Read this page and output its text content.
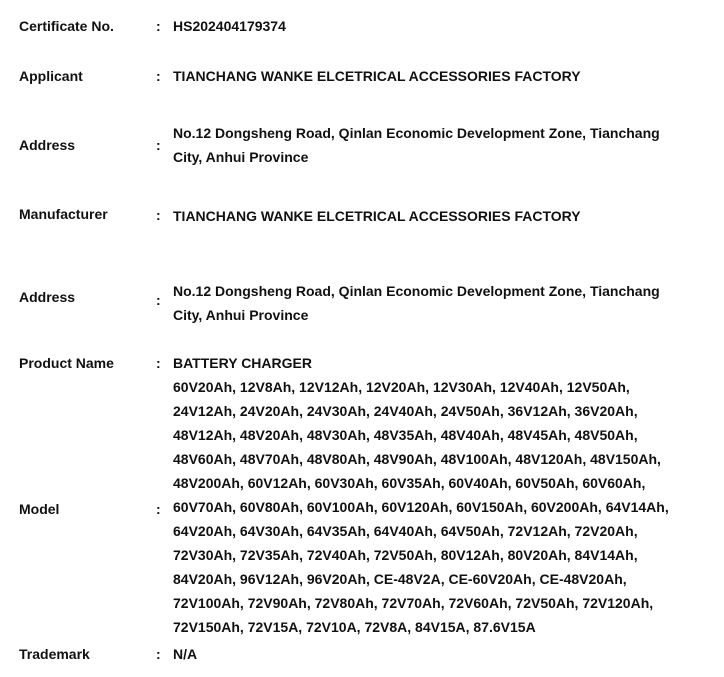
Certificate No.	: HS202404179374
Applicant	: TIANCHANG WANKE ELCETRICAL ACCESSORIES FACTORY
Address	:
No.12 Dongsheng Road, Qinlan Economic Development Zone, Tianchang
City, Anhui Province
Manufacturer	: TIANCHANG WANKE ELCETRICAL ACCESSORIES FACTORY
Address	:
No.12 Dongsheng Road, Qinlan Economic Development Zone, Tianchang
City, Anhui Province
Product Name	: BATTERY CHARGER
Model	:
60V20Ah, 12V8Ah, 12V12Ah, 12V20Ah, 12V30Ah, 12V40Ah, 12V50Ah,
24V12Ah, 24V20Ah, 24V30Ah, 24V40Ah, 24V50Ah, 36V12Ah, 36V20Ah,
48V12Ah, 48V20Ah, 48V30Ah, 48V35Ah, 48V40Ah, 48V45Ah, 48V50Ah,
48V60Ah, 48V70Ah, 48V80Ah, 48V90Ah, 48V100Ah, 48V120Ah, 48V150Ah,
48V200Ah, 60V12Ah, 60V30Ah, 60V35Ah, 60V40Ah, 60V50Ah, 60V60Ah,
60V70Ah, 60V80Ah, 60V100Ah, 60V120Ah, 60V150Ah, 60V200Ah, 64V14Ah,
64V20Ah, 64V30Ah, 64V35Ah, 64V40Ah, 64V50Ah, 72V12Ah, 72V20Ah,
72V30Ah, 72V35Ah, 72V40Ah, 72V50Ah, 80V12Ah, 80V20Ah, 84V14Ah,
84V20Ah, 96V12Ah, 96V20Ah, CE-48V2A, CE-60V20Ah, CE-48V20Ah,
72V100Ah, 72V90Ah, 72V80Ah, 72V70Ah, 72V60Ah, 72V50Ah, 72V120Ah,
72V150Ah, 72V15A, 72V10A, 72V8A, 84V15A, 87.6V15A
Trademark	: N/A
